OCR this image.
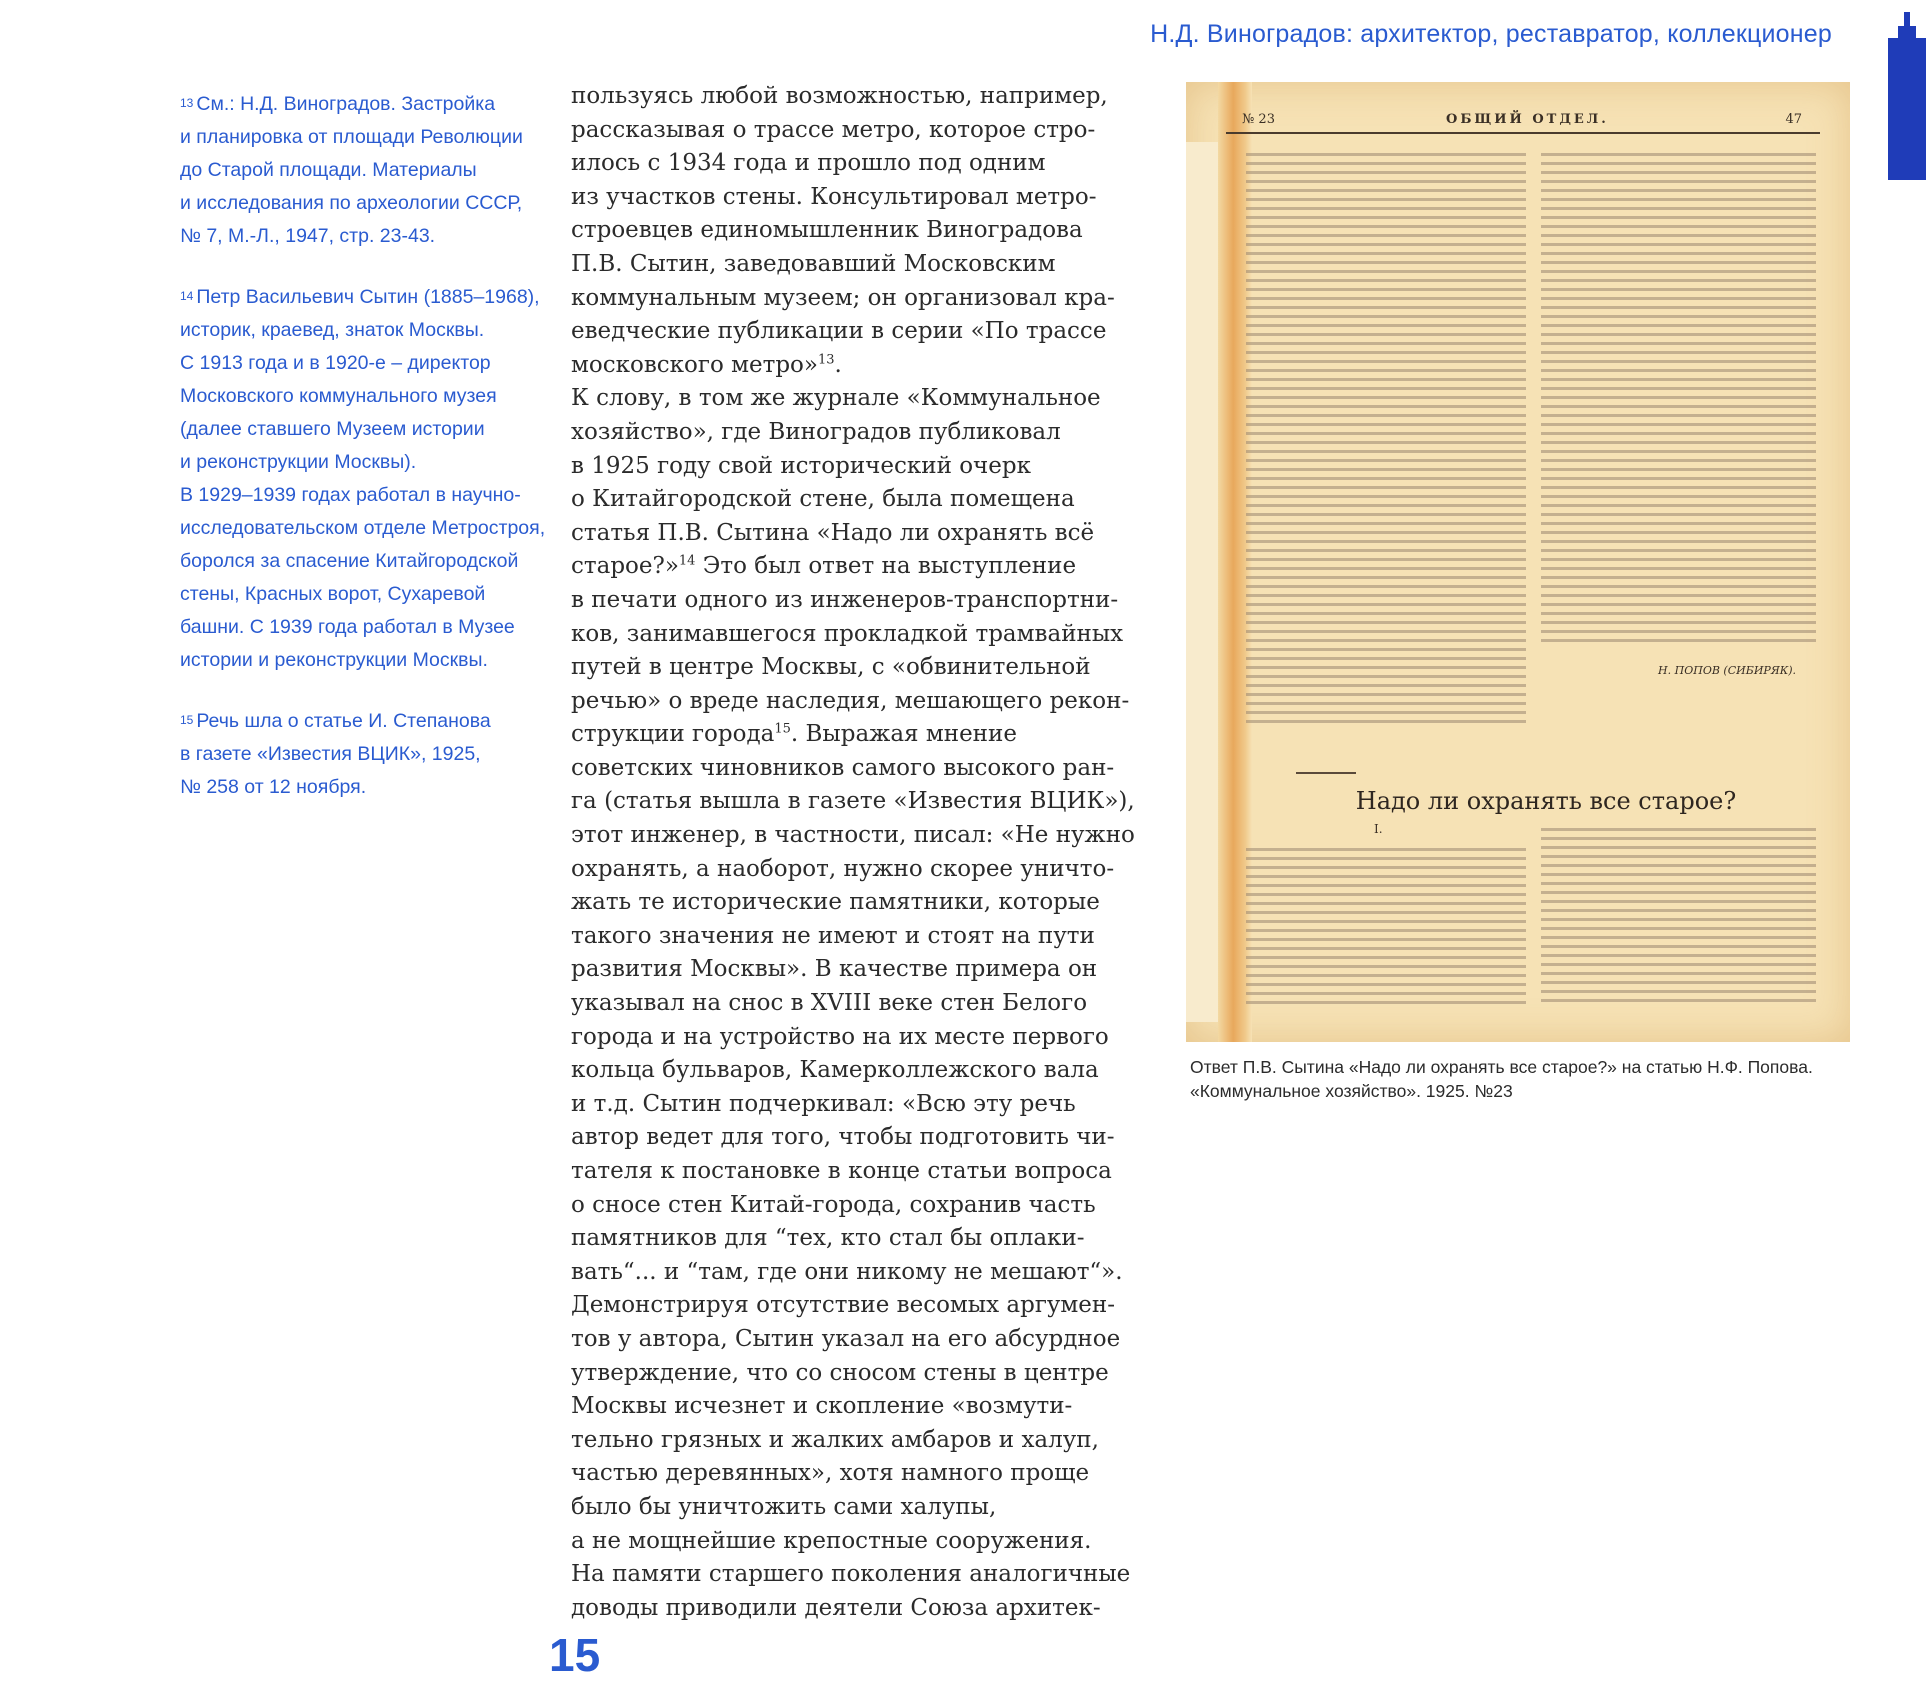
Н.Д. Виноградов: архитектор, реставратор, коллекционер

$^{13}$ См.: Н.Д. Виноградов. Застройка
и планировка от площади Революции
до Старой площади. Материалы
и исследования по археологии СССР,
№ 7, М.-Л., 1947, стр. 23-43.

$^{14}$ Петр Васильевич Сытин (1885–1968),
историк, краевед, знаток Москвы.
С 1913 года и в 1920-е – директор
Московского коммунального музея
(далее ставшего Музеем истории
и реконструкции Москвы).
В 1929–1939 годах работал в научно-
исследовательском отделе Метростроя,
боролся за спасение Китайгородской
стены, Красных ворот, Сухаревой
башни. С 1939 года работал в Музее
истории и реконструкции Москвы.

$^{15}$ Речь шла о статье И. Степанова
в газете «Известия ВЦИК», 1925,
№ 258 от 12 ноября.

пользуясь любой возможностью, например,
рассказывая о трассе метро, которое стро-
илось с 1934 года и прошло под одним
из участков стены. Консультировал метро-
строевцев единомышленник Виноградова
П.В. Сытин, заведовавший Московским
коммунальным музеем; он организовал кра-
еведческие публикации в серии «По трассе
московского метро»$^{13}$.

К слову, в том же журнале «Коммунальное
хозяйство», где Виноградов публиковал
в 1925 году свой исторический очерк
о Китайгородской стене, была помещена
статья П.В. Сытина «Надо ли охранять всё
старое?»$^{14}$ Это был ответ на выступление
в печати одного из инженеров-транспортни-
ков, занимавшегося прокладкой трамвайных
путей в центре Москвы, с «обвинительной
речью» о вреде наследия, мешающего рекон-
струкции города$^{15}$. Выражая мнение
советских чиновников самого высокого ран-
га (статья вышла в газете «Известия ВЦИК»),
этот инженер, в частности, писал: «Не нужно
охранять, а наоборот, нужно скорее уничто-
жать те исторические памятники, которые
такого значения не имеют и стоят на пути
развития Москвы». В качестве примера он
указывал на снос в XVIII веке стен Белого
города и на устройство на их месте первого
кольца бульваров, Камерколлежского вала
и т.д. Сытин подчеркивал: «Всю эту речь
автор ведет для того, чтобы подготовить чи-
тателя к постановке в конце статьи вопроса
о сносе стен Китай-города, сохранив часть
памятников для “тех, кто стал бы оплаки-
вать“... и “там, где они никому не мешают“».
Демонстрируя отсутствие весомых аргумен-
тов у автора, Сытин указал на его абсурдное
утверждение, что со сносом стены в центре
Москвы исчезнет и скопление «возмути-
тельно грязных и жалких амбаров и халуп,
частью деревянных», хотя намного проще
было бы уничтожить сами халупы,
а не мощнейшие крепостные сооружения.
На памяти старшего поколения аналогичные
доводы приводили деятели Союза архитек-

15
№ 23	ОБЩИЙ ОТДЕЛ.	47
Н. ПОПОВ (СИБИРЯК).
Надо ли охранять все старое?
I.
Ответ П.В. Сытина «Надо ли охранять все старое?» на статью Н.Ф. Попова.
«Коммунальное хозяйство». 1925. №23
